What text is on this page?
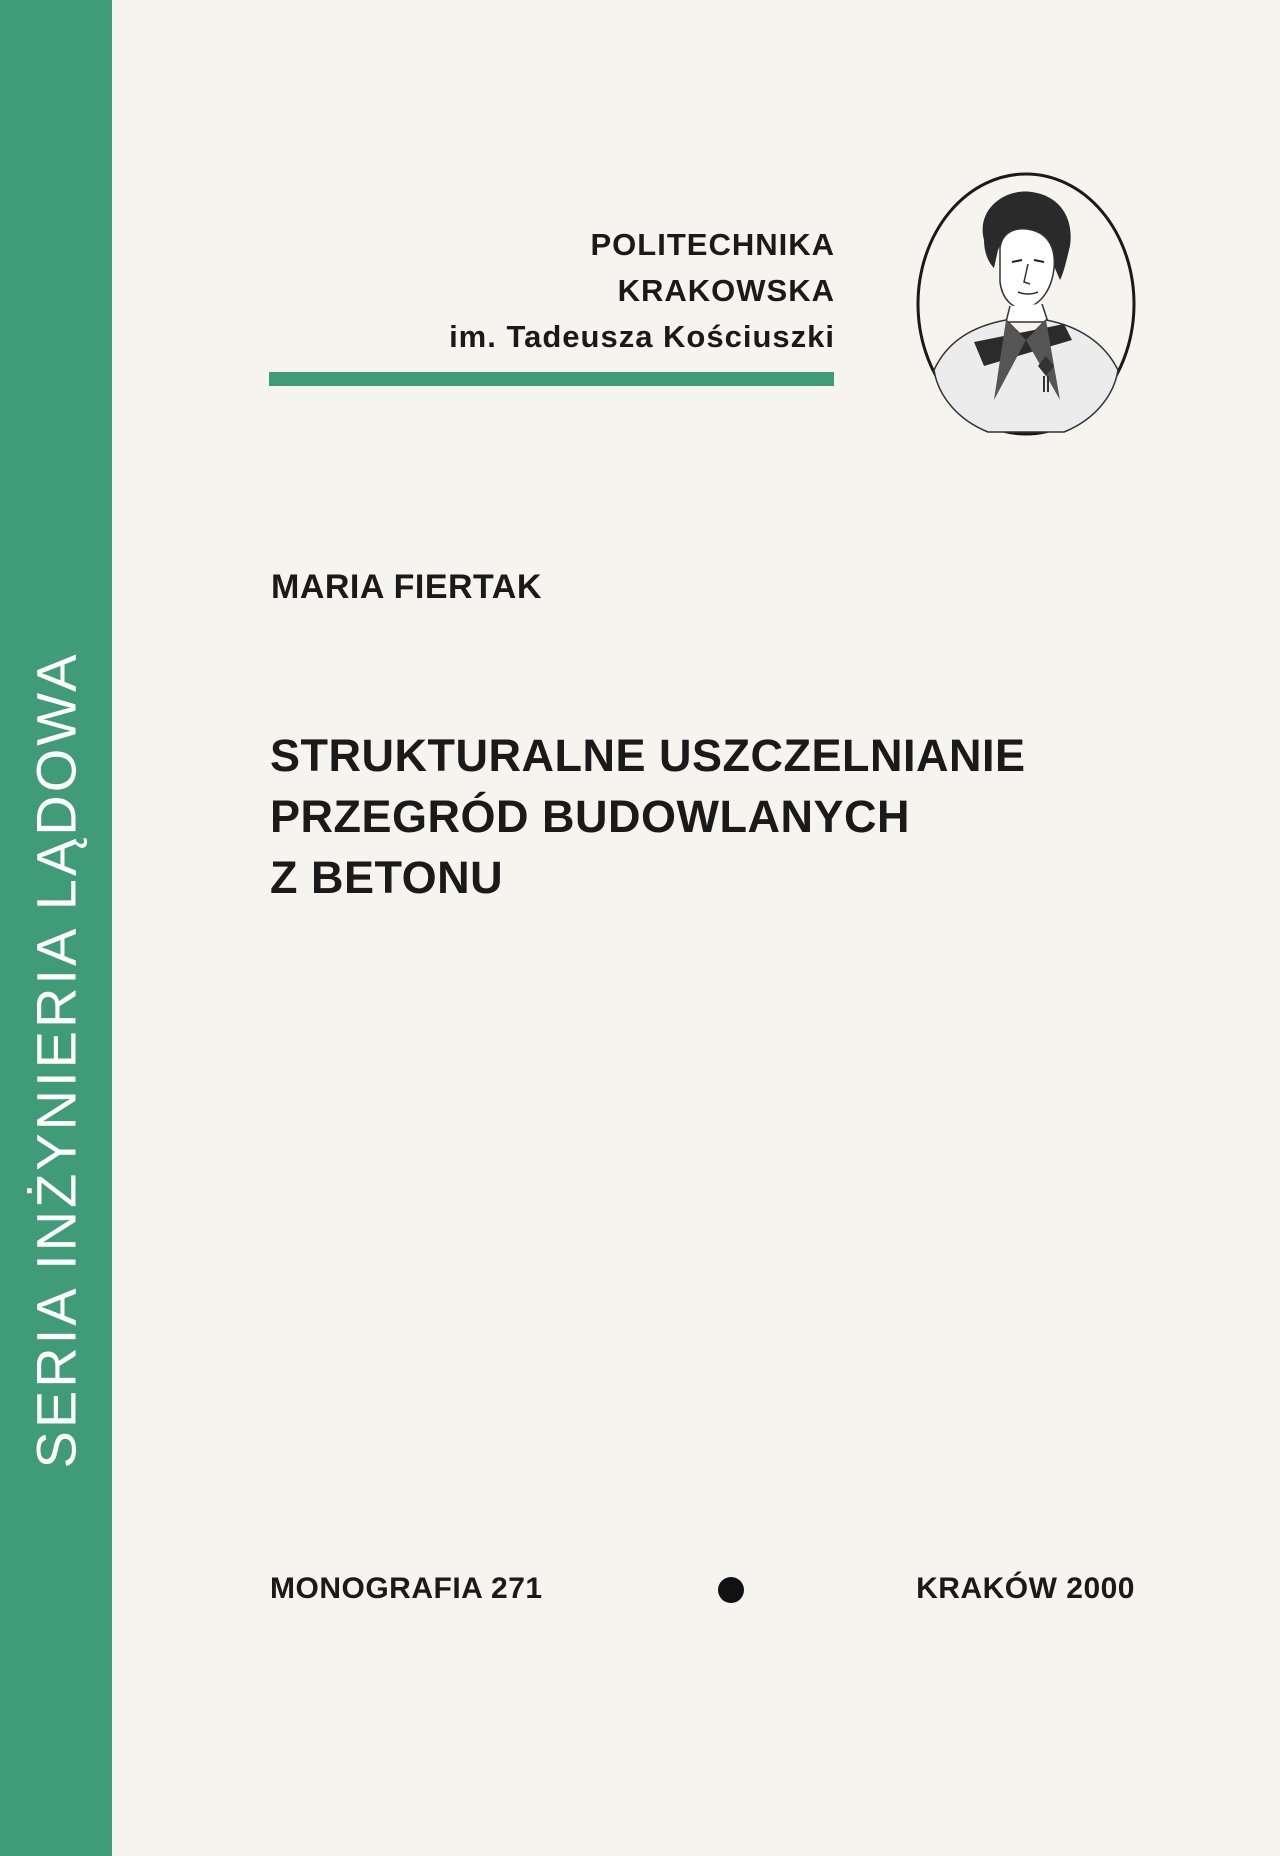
SERIA INŻYNIERIA LĄDOWA
POLITECHNIKA
KRAKOWSKA
im. Tadeusza Kościuszki
MARIA FIERTAK
STRUKTURALNE USZCZELNIANIE
PRZEGRÓD BUDOWLANYCH
Z BETONU
MONOGRAFIA 271	KRAKÓW 2000
